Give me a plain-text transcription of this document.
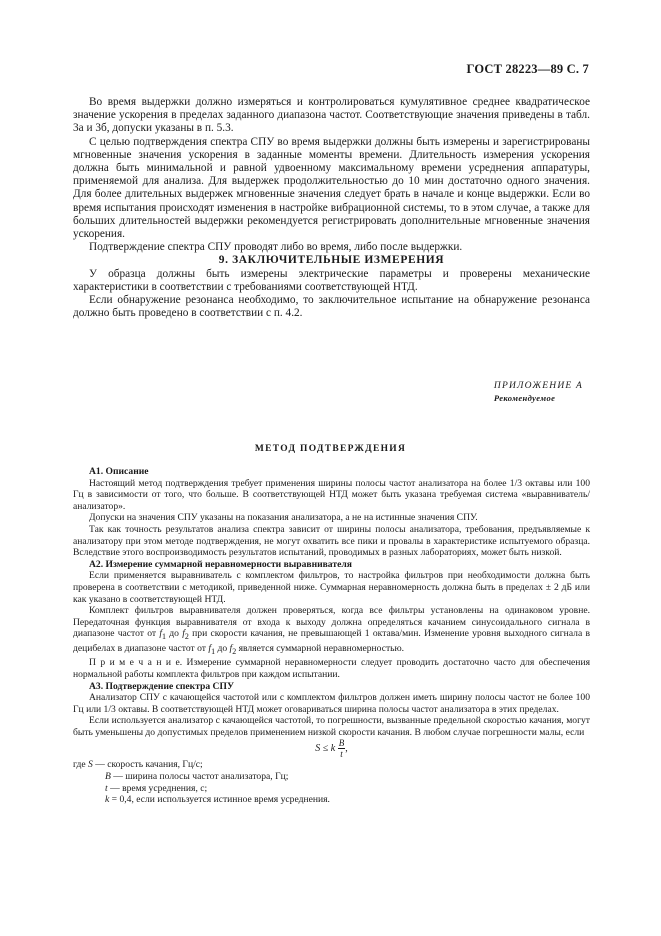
ГОСТ 28223—89 С. 7

Во время выдержки должно измеряться и контролироваться кумулятивное среднее квадратическое значение ускорения в пределах заданного диапазона частот. Соответствующие значения приведены в табл. 3а и 3б, допуски указаны в п. 5.3.

С целью подтверждения спектра СПУ во время выдержки должны быть измерены и зарегистрированы мгновенные значения ускорения в заданные моменты времени. Длительность измерения ускорения должна быть минимальной и равной удвоенному максимальному времени усреднения аппаратуры, применяемой для анализа. Для выдержек продолжительностью до 10 мин достаточно одного значения. Для более длительных выдержек мгновенные значения следует брать в начале и конце выдержки. Если во время испытания происходят изменения в настройке вибрационной системы, то в этом случае, а также для больших длительностей выдержки рекомендуется регистрировать дополнительные мгновенные значения ускорения.

Подтверждение спектра СПУ проводят либо во время, либо после выдержки.

9. ЗАКЛЮЧИТЕЛЬНЫЕ ИЗМЕРЕНИЯ

У образца должны быть измерены электрические параметры и проверены механические характеристики в соответствии с требованиями соответствующей НТД.

Если обнаружение резонанса необходимо, то заключительное испытание на обнаружение резонанса должно быть проведено в соответствии с п. 4.2.

ПРИЛОЖЕНИЕ А
Рекомендуемое
МЕТОД ПОДТВЕРЖДЕНИЯ

А1. Описание

Настоящий метод подтверждения требует применения ширины полосы частот анализатора на более 1/3 октавы или 100 Гц в зависимости от того, что больше. В соответствующей НТД может быть указана требуемая система «выравниватель/анализатор».

Допуски на значения СПУ указаны на показания анализатора, а не на истинные значения СПУ.

Так как точность результатов анализа спектра зависит от ширины полосы анализатора, требования, предъявляемые к анализатору при этом методе подтверждения, не могут охватить все пики и провалы в характеристике испытуемого образца. Вследствие этого воспроизводимость результатов испытаний, проводимых в разных лабораториях, может быть низкой.

А2. Измерение суммарной неравномерности выравнивателя

Если применяется выравниватель с комплектом фильтров, то настройка фильтров при необходимости должна быть проверена в соответствии с методикой, приведенной ниже. Суммарная неравномерность должна быть в пределах ± 2 дБ или как указано в соответствующей НТД.

Комплект фильтров выравнивателя должен проверяться, когда все фильтры установлены на одинаковом уровне. Передаточная функция выравнивателя от входа к выходу должна определяться качанием синусоидального сигнала в диапазоне частот от $f_1$ до $f_2$ при скорости качания, не превышающей 1 октава/мин. Изменение уровня выходного сигнала в децибелах в диапазоне частот от $f_1$ до $f_2$ является суммарной неравномерностью.

П р и м е ч а н и е. Измерение суммарной неравномерности следует проводить достаточно часто для обеспечения нормальной работы комплекта фильтров при каждом испытании.

А3. Подтверждение спектра СПУ

Анализатор СПУ с качающейся частотой или с комплектом фильтров должен иметь ширину полосы частот не более 100 Гц или 1/3 октавы. В соответствующей НТД может оговариваться ширина полосы частот анализатора в этих пределах.

Если используется анализатор с качающейся частотой, то погрешности, вызванные предельной скоростью качания, могут быть уменьшены до допустимых пределов применением низкой скорости качания. В любом случае погрешности малы, если

S ≤ k $\frac{B}{t}$ ,

где S — скорость качания, Гц/с;
B — ширина полосы частот анализатора, Гц;
t — время усреднения, с;
k = 0,4, если используется истинное время усреднения.
